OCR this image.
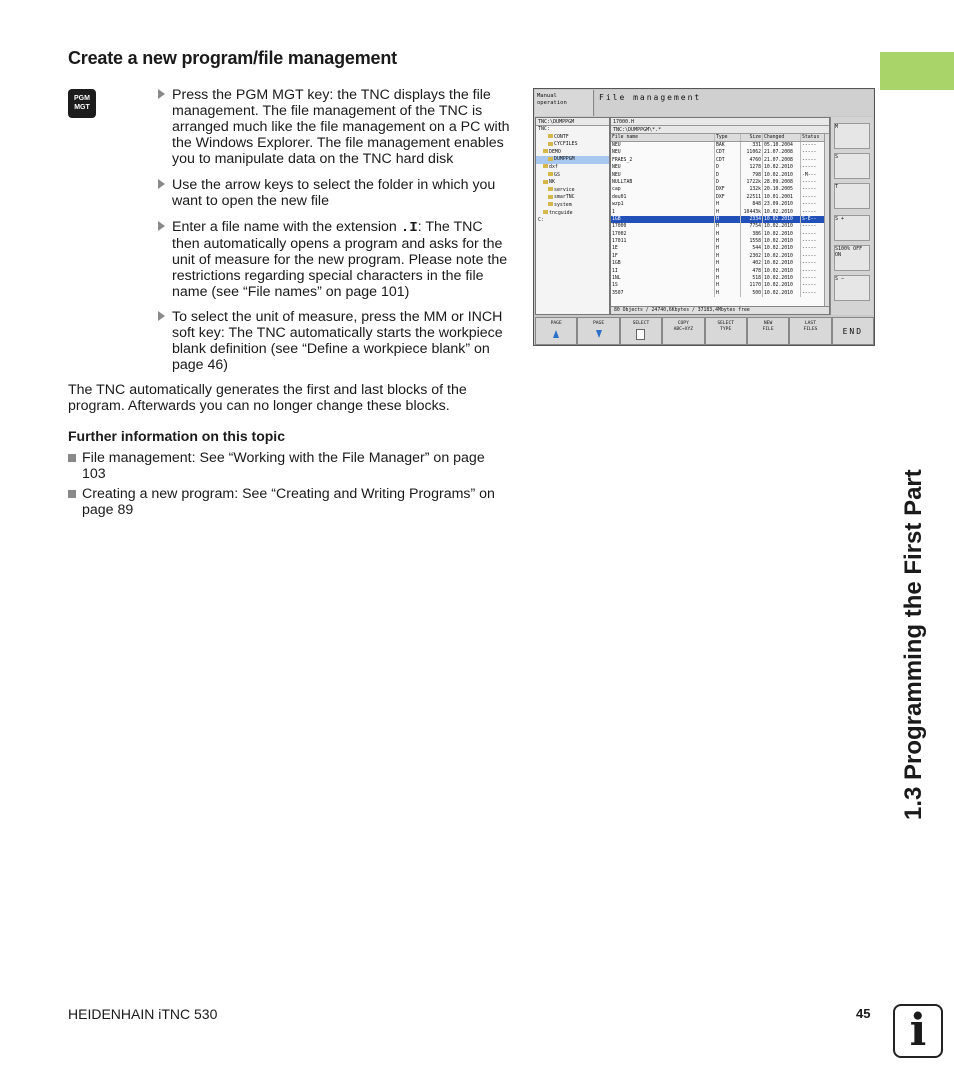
Create a new program/file management
PGM
MGT
Press the PGM MGT key: the TNC displays the file management. The file management of the TNC is arranged much like the file management on a PC with the Windows Explorer. The file management enables you to manipulate data on the TNC hard disk
Use the arrow keys to select the folder in which you want to open the new file
Enter a file name with the extension .I: The TNC then automatically opens a program and asks for the unit of measure for the new program. Please note the restrictions regarding special characters in the file name (see “File names” on page 101)
To select the unit of measure, press the MM or INCH soft key: The TNC automatically starts the workpiece blank definition (see “Define a workpiece blank” on page 46)
The TNC automatically generates the first and last blocks of the program. Afterwards you can no longer change these blocks.
Further information on this topic
File management: See “Working with the File Manager” on page 103
Creating a new program: See “Creating and Writing Programs” on page 89
Manual
operation
File management
TNC:\DUMPPGM
TNC:
CONTF
CYCFILES
DEMO
DUMPPGM
dxf
GS
NK
service
smarTNC
system
tncguide
C:
17000.H
TNC:\DUMPPGM\*.*
File name	Type	Size Changed	Status
NEU	BAK	331 05.10.2004	-----
NEU	CDT	11062 21.07.2008	-----
FRAES_2	CDT	4760 21.07.2008	-----
NEU	D	1278 10.02.2010	-----
NEU	D	798 10.02.2010	-M---
NULLTAB	D	1722k 28.09.2008	-----
cap	DXF	132k 20.10.2005	-----
deu01	DXF	22511 10.01.2001	-----
wzp1	H	848 23.09.2010	-----
1	H	10443k 10.02.2010	-----
1GB	H	2334 10.02.2010	S-E--
17000	H	7754 10.02.2010	-----
17002	H	386 10.02.2010	-----
17011	H	1558 10.02.2010	-----
1E	H	544 10.02.2010	-----
1F	H	2302 10.02.2010	-----
1GB	H	402 10.02.2010	-----
1I	H	478 10.02.2010	-----
1NL	H	518 10.02.2010	-----
1S	H	1170 10.02.2010	-----
3507	H	500 10.02.2010	-----
80 Objects / 24740,6Kbytes / 37183,4Mbytes free
M
S
T
S +
S100% OFF ON
S −
PAGE	PAGE	SELECT	COPY
ABC→XYZ
SELECT
TYPE
NEW
FILE
LAST
FILES	END
1.3 Programming the First Part
HEIDENHAIN iTNC 530	45 i
